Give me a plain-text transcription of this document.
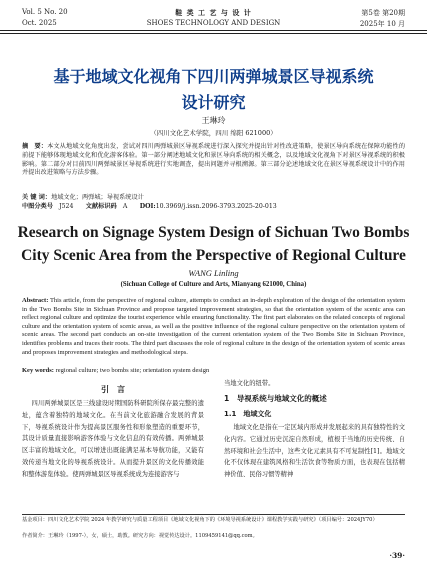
Vol. 5 No. 20
Oct. 2025
鞋 类 工 艺 与 设 计
SHOES TECHNOLOGY AND DESIGN
第5卷 第20期
2025年 10 月
基于地域文化视角下四川两弹城景区导视系统
设计研究
王琳玲
（四川文化艺术学院，四川 绵阳 621000）

摘　要：本文从地域文化角度出发，尝试对四川两弹城景区导视系统进行深入探究并提出针对性改进策略，使景区导向系统在保障功能性的前提下能够体现地域文化和优化游客体验。第一部分阐述地域文化和景区导向系统的相关概念，以及地域文化视角下对景区导视系统的积极影响。第二部分对目前四川两弹城景区导视系统进行实地调查，提出问题并寻根溯源。第三部分论述地域文化在景区导视系统设计中的作用并提出改进策略与方法步骤。

关 键 词：地域文化；两弹城；导视系统设计

中图分类号　 J524　　 文献标识码　 A　　 DOI:10.3969/j.issn.2096-3793.2025-20-013

Research on Signage System Design of Sichuan Two Bombs
City Scenic Area from the Perspective of Regional Culture
WANG Linling
(Sichuan College of Culture and Arts, Mianyang 621000, China)

Abstract: This article, from the perspective of regional culture, attempts to conduct an in-depth exploration of the design of the orientation system in the Two Bombs Site in Sichuan Province and propose targeted improvement strategies, so that the orientation system of the scenic area can reflect regional culture and optimize the tourist experience while ensuring functionality. The first part elaborates on the related concepts of regional culture and the orientation system of scenic areas, as well as the positive influence of the regional culture perspective on the orientation system of scenic areas. The second part conducts an on-site investigation of the current orientation system of the Two Bombs Site in Sichuan Province, identifies problems and traces their roots. The third part discusses the role of regional culture in the design of the orientation system of scenic areas and proposes improvement strategies and methodological steps.

Key words: regional culture; two bombs site; orientation system design

引　言

四川两弹城景区是三线建设时期国防科研院所保存最完整的遗址，蕴含着独特的地域文化。在当前文化旅游融合发展的背景下，导视系统设计作为提高景区服务性和形象塑造的重要环节，其设计质量直接影响游客体验与文化信息的有效传播。两弹城景区丰富的地域文化，可以增进出既能满足基本导航功能，又能有效传递当地文化的导视系统设计。从而提升景区的文化传播效能和整体游览体验。使两弹城景区导视系统成为连接游客与

当地文化的纽带。

1　导视系统与地域文化的概述
1.1　地域文化

地域文化是指在一定区域内形成并发展起来的具有独特性的文化内容。它通过历史沉淀自然形成，植根于当地的历史传统、自然环境和社会生活中，这些文化元素具有不可复制性[1]。地域文化不仅体现在建筑风格和生活饮食等物质方面，也表现在包括精神价值、民俗习惯等精神

基金项目：四川文化艺术学院 2024 年教学研究与质量工程项目《地域文化视角下的《环境导视系统设计》课程教学实践与研究》（项目编号：2024JY70）

作者简介：王琳玲（1997-），女，硕士，助教。研究方向：视觉传达设计。1109459141@qq.com。

·39·
